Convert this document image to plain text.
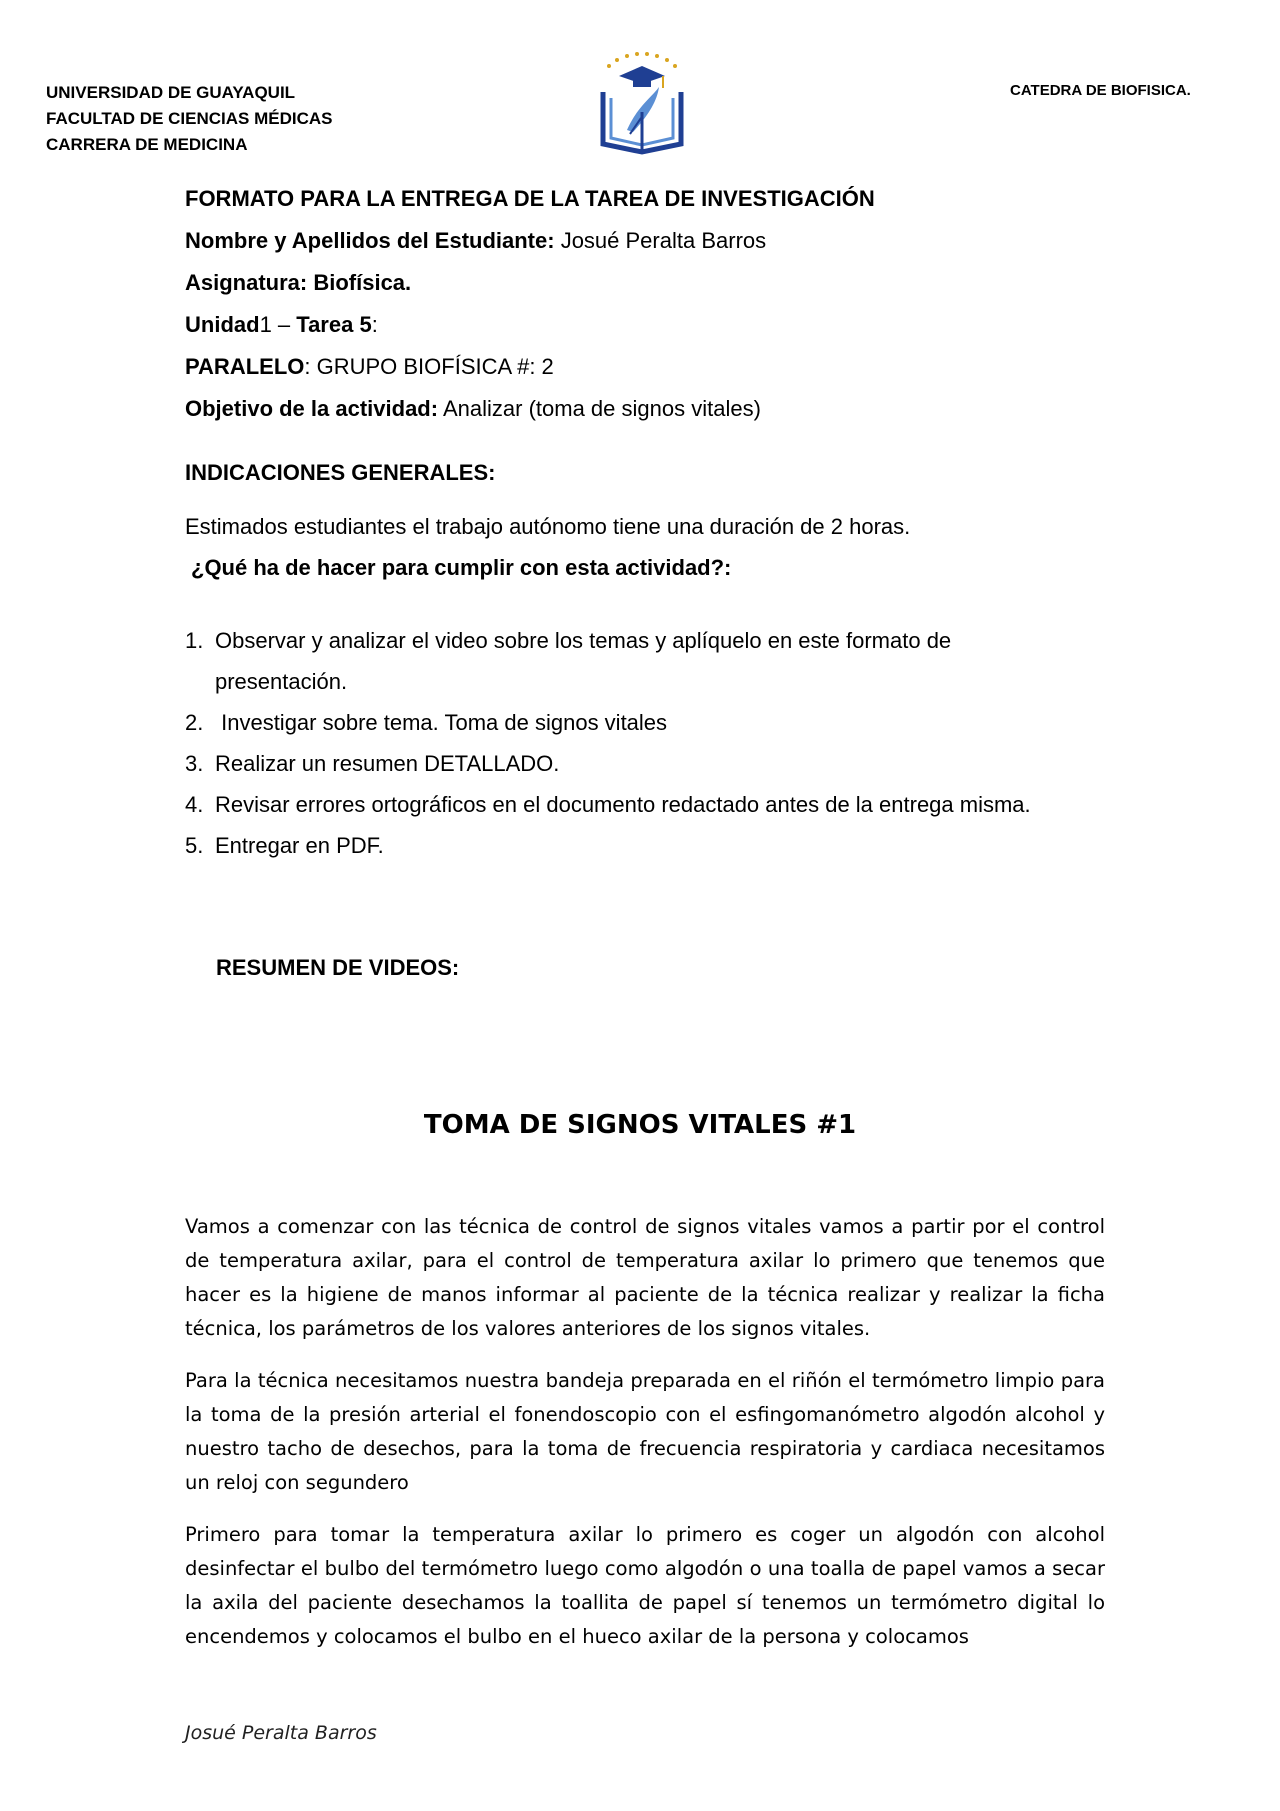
UNIVERSIDAD DE GUAYAQUIL
FACULTAD DE CIENCIAS MÉDICAS
CARRERA DE MEDICINA
CATEDRA DE BIOFISICA.
FORMATO PARA LA ENTREGA DE LA TAREA DE INVESTIGACIÓN
Nombre y Apellidos del Estudiante: Josué Peralta Barros
Asignatura: Biofísica.
Unidad1 – Tarea 5:
PARALELO: GRUPO BIOFÍSICA #: 2
Objetivo de la actividad: Analizar (toma de signos vitales)
INDICACIONES GENERALES:
Estimados estudiantes el trabajo autónomo tiene una duración de 2 horas.
¿Qué ha de hacer para cumplir con esta actividad?:
1. Observar y analizar el video sobre los temas y aplíquelo en este formato de
presentación.
2. Investigar sobre tema. Toma de signos vitales
3. Realizar un resumen DETALLADO.
4. Revisar errores ortográficos en el documento redactado antes de la entrega misma.
5. Entregar en PDF.
RESUMEN DE VIDEOS:
TOMA DE SIGNOS VITALES #1

Vamos a comenzar con las técnica de control de signos vitales vamos a partir por el control de temperatura axilar, para el control de temperatura axilar lo primero que tenemos que hacer es la higiene de manos informar al paciente de la técnica realizar y realizar la ficha técnica, los parámetros de los valores anteriores de los signos vitales.

Para la técnica necesitamos nuestra bandeja preparada en el riñón el termómetro limpio para la toma de la presión arterial el fonendoscopio con el esfingomanómetro algodón alcohol y nuestro tacho de desechos, para la toma de frecuencia respiratoria y cardiaca necesitamos un reloj con segundero

Primero para tomar la temperatura axilar lo primero es coger un algodón con alcohol desinfectar el bulbo del termómetro luego como algodón o una toalla de papel vamos a secar la axila del paciente desechamos la toallita de papel sí tenemos un termómetro digital lo encendemos y colocamos el bulbo en el hueco axilar de la persona y colocamos

Josué Peralta Barros
